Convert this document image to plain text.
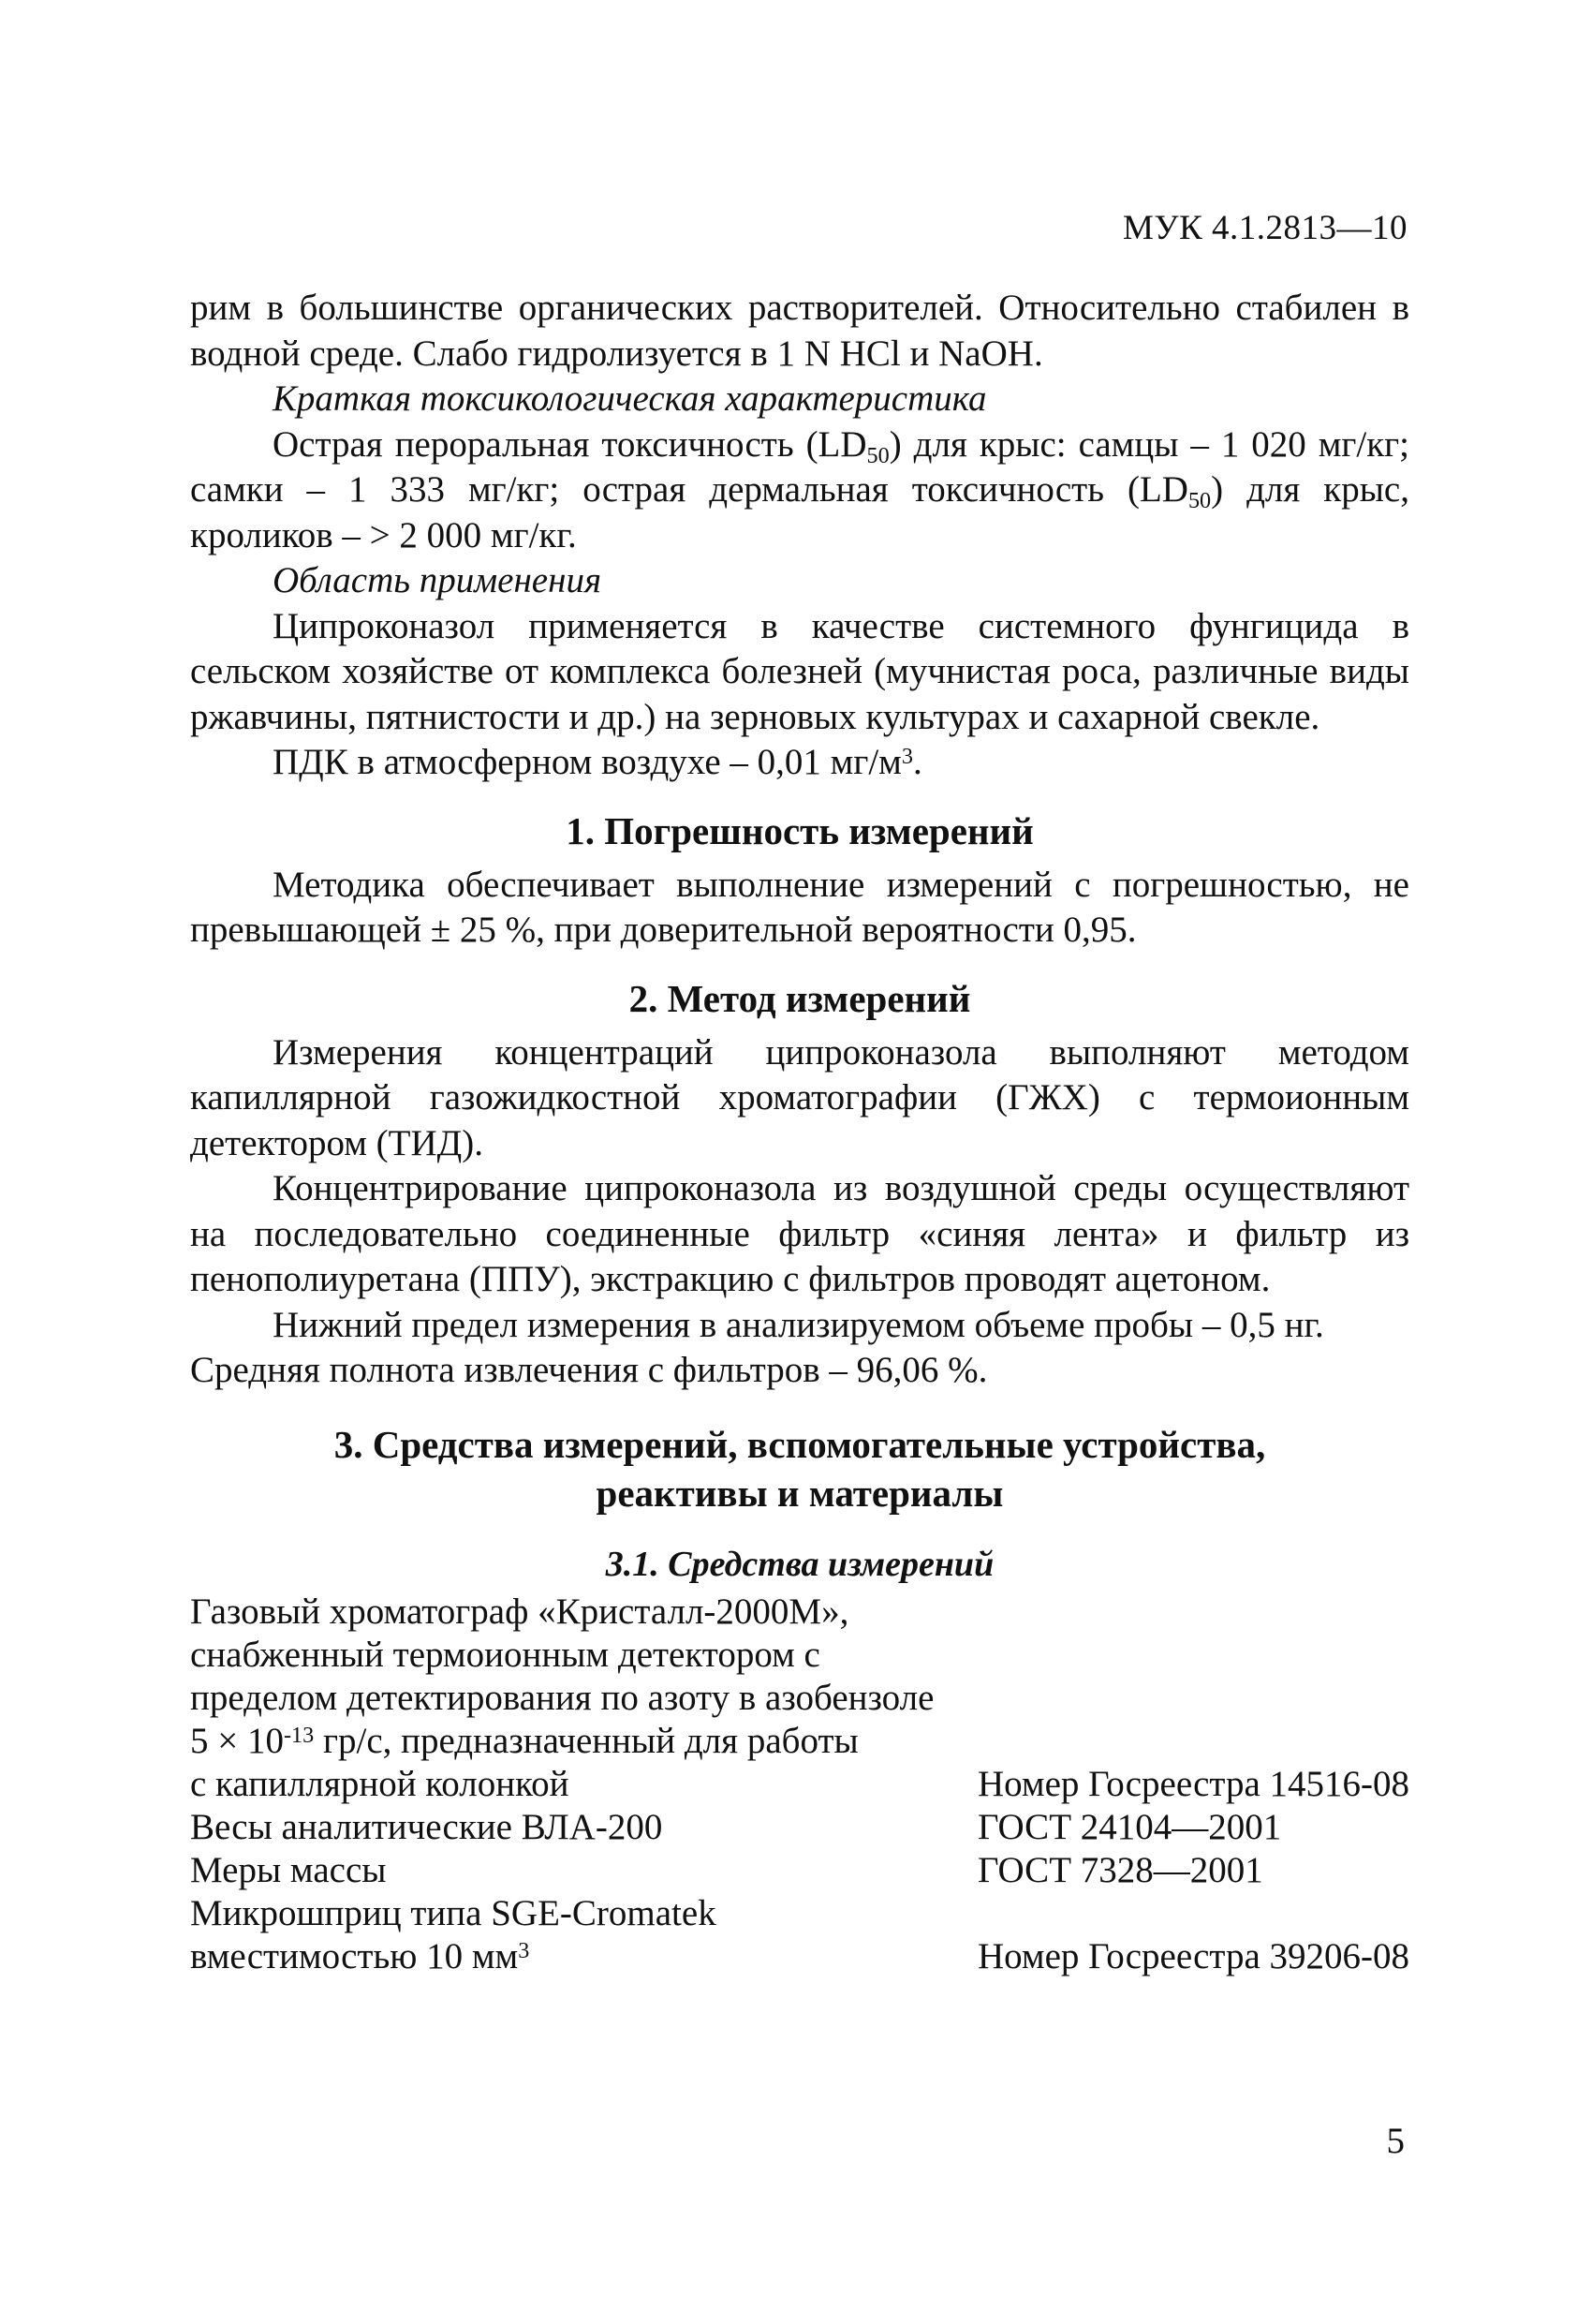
МУК 4.1.2813—10

рим в большинстве органических растворителей. Относительно стабилен в водной среде. Слабо гидролизуется в 1 N HCl и NaOH.

Краткая токсикологическая характеристика

Острая пероральная токсичность $(LD_{50})$ для крыс: самцы – 1 020 мг/кг; самки – 1 333 мг/кг; острая дермальная токсичность $(LD_{50})$ для крыс, кроликов – > 2 000 мг/кг.

Область применения

Ципроконазол применяется в качестве системного фунгицида в сельском хозяйстве от комплекса болезней (мучнистая роса, различные виды ржавчины, пятнистости и др.) на зерновых культурах и сахарной свекле.

ПДК в атмосферном воздухе – 0,01 $мг/м^3$.

1. Погрешность измерений

Методика обеспечивает выполнение измерений с погрешностью, не превышающей ± 25 %, при доверительной вероятности 0,95.

2. Метод измерений

Измерения концентраций ципроконазола выполняют методом капиллярной газожидкостной хроматографии (ГЖХ) с термоионным детектором (ТИД).

Концентрирование ципроконазола из воздушной среды осуществляют на последовательно соединенные фильтр «синяя лента» и фильтр из пенополиуретана (ППУ), экстракцию с фильтров проводят ацетоном.

Нижний предел измерения в анализируемом объеме пробы – 0,5 нг.

Средняя полнота извлечения с фильтров – 96,06 %.

3. Средства измерений, вспомогательные устройства,
реактивы и материалы
3.1. Средства измерений
Газовый хроматограф «Кристалл-2000М»,
снабженный термоионным детектором с
пределом детектирования по азоту в азобензоле
$5 \times 10^{-13}$ гр/с, предназначенный для работы
с капиллярной колонкой	Номер Госреестра 14516-08
Весы аналитические ВЛА-200	ГОСТ 24104—2001
Меры массы	ГОСТ 7328—2001

Микрошприц типа SGE-Cromatek
вместимостью 10 $мм^3$	Номер Госреестра 39206-08
5
